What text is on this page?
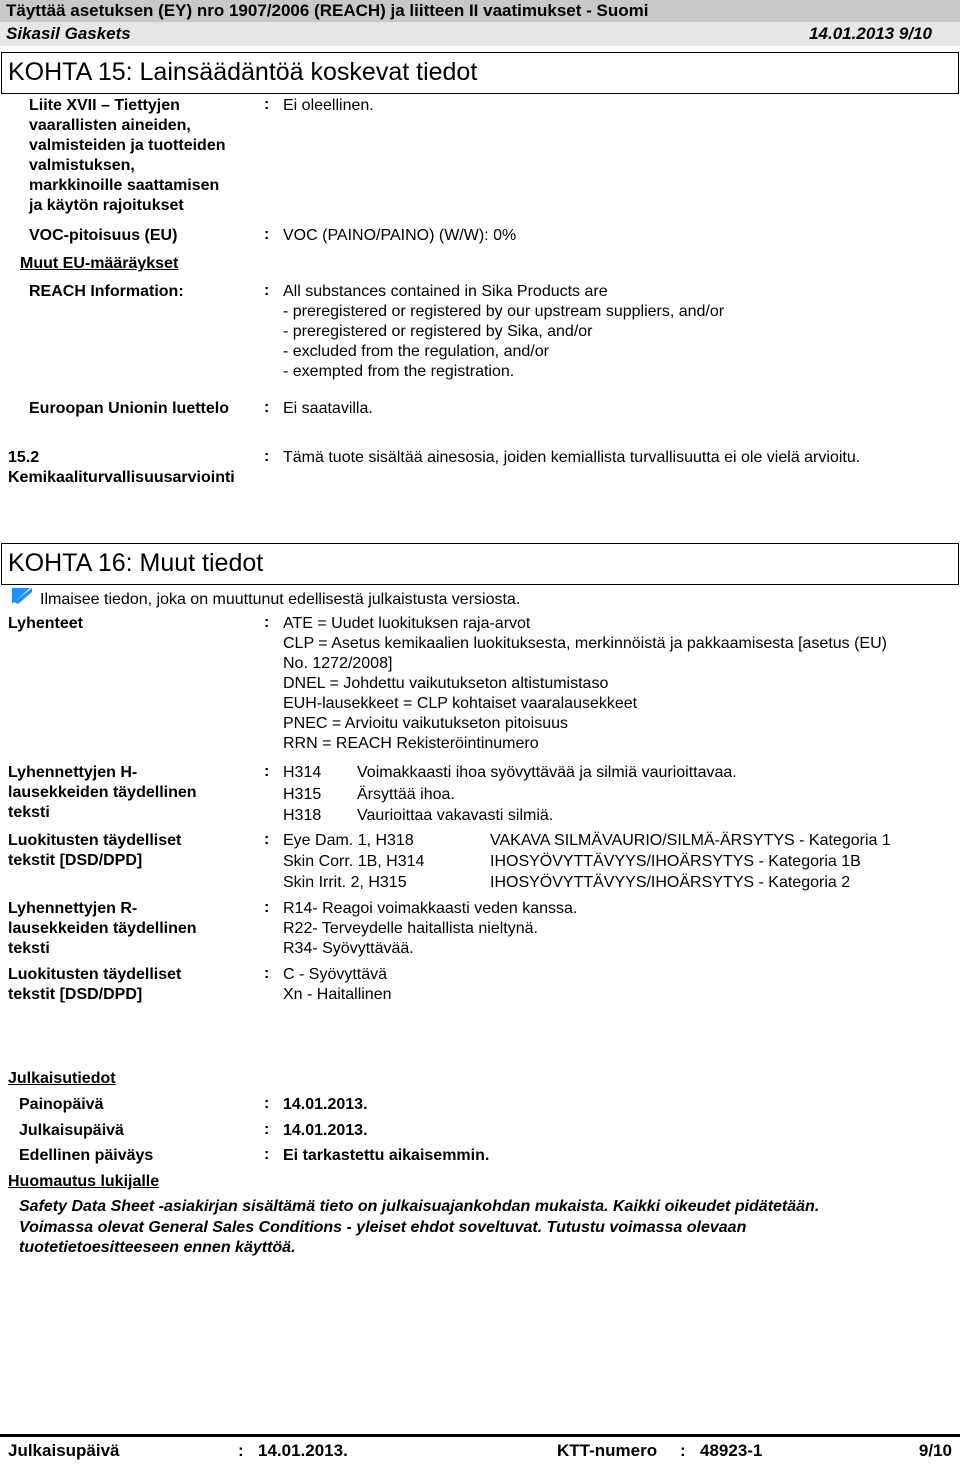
Täyttää asetuksen (EY) nro 1907/2006 (REACH) ja liitteen II vaatimukset - Suomi
Sikasil Gaskets	14.01.2013 9/10
KOHTA 15: Lainsäädäntöä koskevat tiedot
Liite XVII – Tiettyjen
vaarallisten aineiden,
valmisteiden ja tuotteiden
valmistuksen,
markkinoille saattamisen
ja käytön rajoitukset
: Ei oleellinen.
VOC-pitoisuus (EU)	: VOC (PAINO/PAINO) (W/W): 0%
Muut EU-määräykset
REACH Information:	: All substances contained in Sika Products are
- preregistered or registered by our upstream suppliers, and/or
- preregistered or registered by Sika, and/or
- excluded from the regulation, and/or
- exempted from the registration.
Euroopan Unionin luettelo : Ei saatavilla.
15.2
Kemikaaliturvallisuusarviointi
: Tämä tuote sisältää ainesosia, joiden kemiallista turvallisuutta ei ole vielä arvioitu.
KOHTA 16: Muut tiedot
Ilmaisee tiedon, joka on muuttunut edellisestä julkaistusta versiosta.
Lyhenteet	: ATE = Uudet luokituksen raja-arvot
CLP = Asetus kemikaalien luokituksesta, merkinnöistä ja pakkaamisesta [asetus (EU)
No. 1272/2008]
DNEL = Johdettu vaikutukseton altistumistaso
EUH-lausekkeet = CLP kohtaiset vaaralausekkeet
PNEC = Arvioitu vaikutukseton pitoisuus
RRN = REACH Rekisteröintinumero
Lyhennettyjen H-
lausekkeiden täydellinen
teksti
: H314 Voimakkaasti ihoa syövyttävää ja silmiä vaurioittavaa.
H315 Ärsyttää ihoa.
H318 Vaurioittaa vakavasti silmiä.
Luokitusten täydelliset
tekstit [DSD/DPD]
: Eye Dam. 1, H318	VAKAVA SILMÄVAURIO/SILMÄ-ÄRSYTYS - Kategoria 1
Skin Corr. 1B, H314	IHOSYÖVYTTÄVYYS/IHOÄRSYTYS - Kategoria 1B
Skin Irrit. 2, H315	IHOSYÖVYTTÄVYYS/IHOÄRSYTYS - Kategoria 2
Lyhennettyjen R-
lausekkeiden täydellinen
teksti
: R14- Reagoi voimakkaasti veden kanssa.
R22- Terveydelle haitallista nieltynä.
R34- Syövyttävää.
Luokitusten täydelliset
tekstit [DSD/DPD]
: C - Syövyttävä
Xn - Haitallinen
Julkaisutiedot
Painopäivä	: 14.01.2013.
Julkaisupäivä	: 14.01.2013.
Edellinen päiväys	: Ei tarkastettu aikaisemmin.
Huomautus lukijalle
Safety Data Sheet -asiakirjan sisältämä tieto on julkaisuajankohdan mukaista. Kaikki oikeudet pidätetään.
Voimassa olevat General Sales Conditions - yleiset ehdot soveltuvat. Tutustu voimassa olevaan
tuotetietoesitteeseen ennen käyttöä.
Julkaisupäivä	: 14.01.2013.	KTT-numero : 48923-1	9/10
